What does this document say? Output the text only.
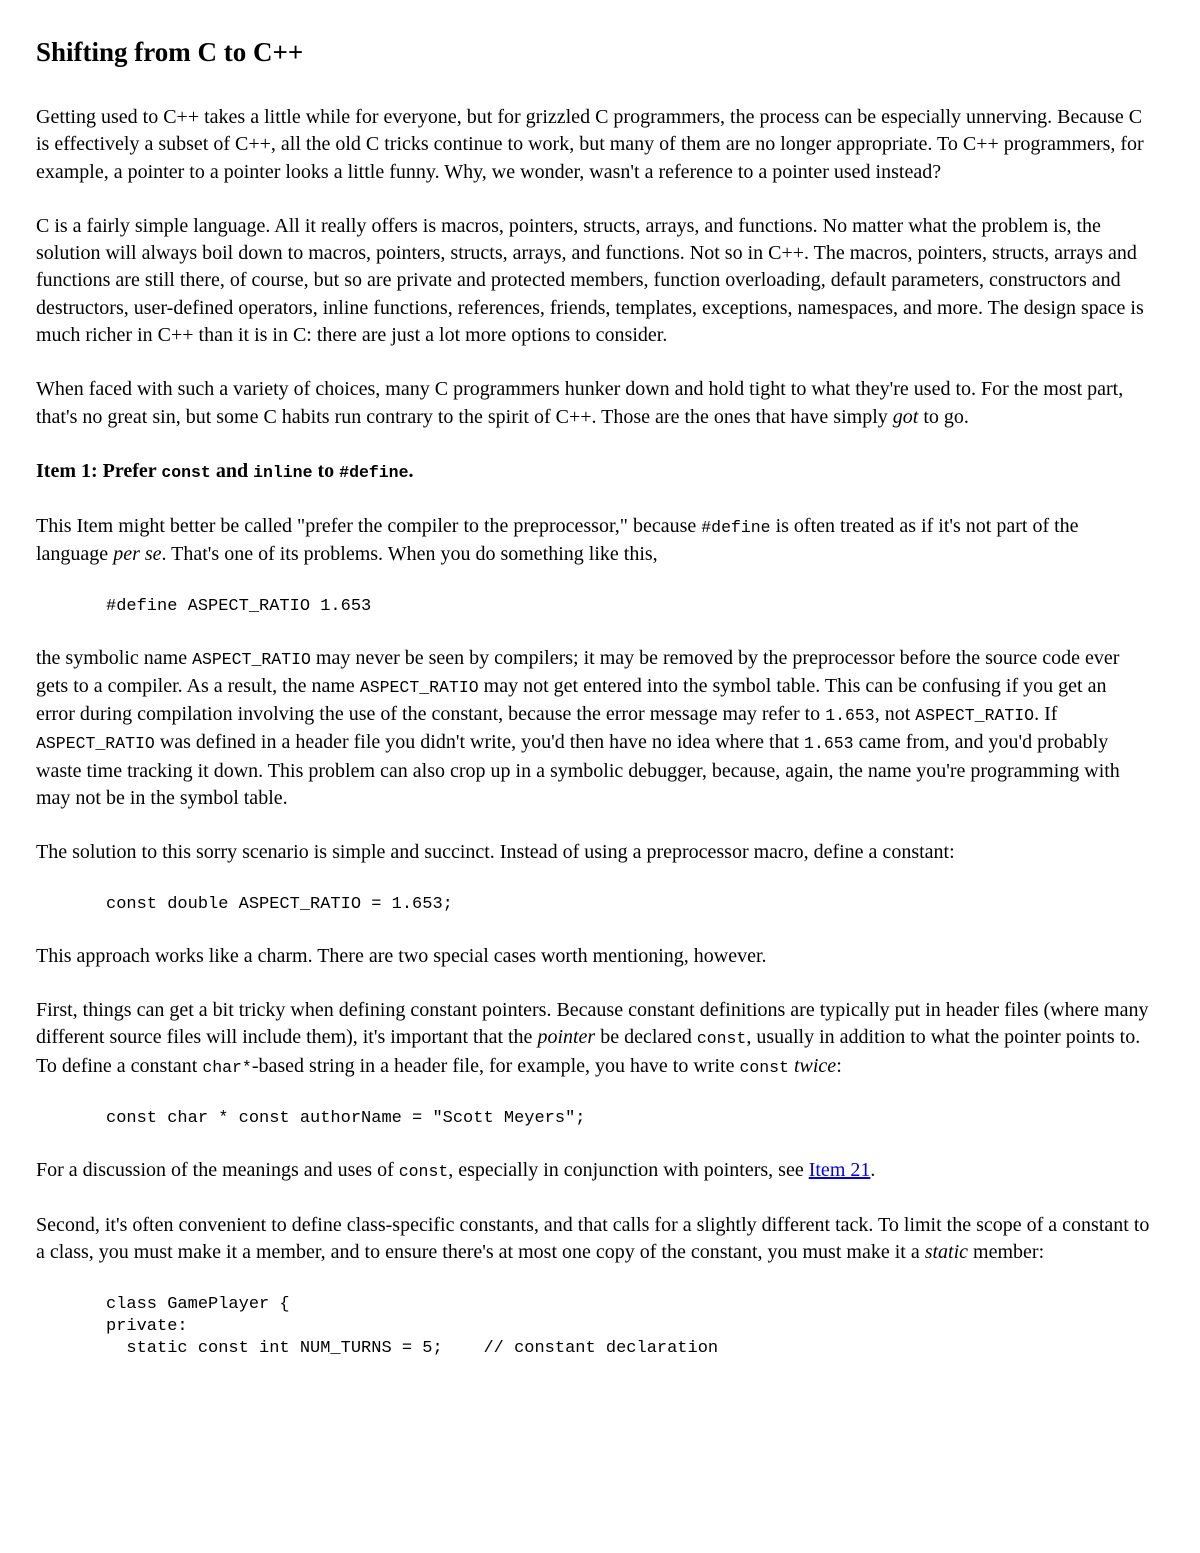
Shifting from C to C++

Getting used to C++ takes a little while for everyone, but for grizzled C programmers, the process can be especially unnerving. Because C is effectively a subset of C++, all the old C tricks continue to work, but many of them are no longer appropriate. To C++ programmers, for example, a pointer to a pointer looks a little funny. Why, we wonder, wasn't a reference to a pointer used instead?

C is a fairly simple language. All it really offers is macros, pointers, structs, arrays, and functions. No matter what the problem is, the solution will always boil down to macros, pointers, structs, arrays, and functions. Not so in C++. The macros, pointers, structs, arrays and functions are still there, of course, but so are private and protected members, function overloading, default parameters, constructors and destructors, user-defined operators, inline functions, references, friends, templates, exceptions, namespaces, and more. The design space is much richer in C++ than it is in C: there are just a lot more options to consider.

When faced with such a variety of choices, many C programmers hunker down and hold tight to what they're used to. For the most part, that's no great sin, but some C habits run contrary to the spirit of C++. Those are the ones that have simply got to go.

Item 1: Prefer const and inline to #define.

This Item might better be called "prefer the compiler to the preprocessor," because #define is often treated as if it's not part of the language per se. That's one of its problems. When you do something like this,

#define ASPECT_RATIO 1.653

the symbolic name ASPECT_RATIO may never be seen by compilers; it may be removed by the preprocessor before the source code ever gets to a compiler. As a result, the name ASPECT_RATIO may not get entered into the symbol table. This can be confusing if you get an error during compilation involving the use of the constant, because the error message may refer to 1.653, not ASPECT_RATIO. If ASPECT_RATIO was defined in a header file you didn't write, you'd then have no idea where that 1.653 came from, and you'd probably waste time tracking it down. This problem can also crop up in a symbolic debugger, because, again, the name you're programming with may not be in the symbol table.

The solution to this sorry scenario is simple and succinct. Instead of using a preprocessor macro, define a constant:

const double ASPECT_RATIO = 1.653;

This approach works like a charm. There are two special cases worth mentioning, however.

First, things can get a bit tricky when defining constant pointers. Because constant definitions are typically put in header files (where many different source files will include them), it's important that the pointer be declared const, usually in addition to what the pointer points to. To define a constant char*-based string in a header file, for example, you have to write const twice:

const char * const authorName = "Scott Meyers";

For a discussion of the meanings and uses of const, especially in conjunction with pointers, see Item 21.

Second, it's often convenient to define class-specific constants, and that calls for a slightly different tack. To limit the scope of a constant to a class, you must make it a member, and to ensure there's at most one copy of the constant, you must make it a static member:

class GamePlayer {
private:
static const int NUM_TURNS = 5;    // constant declaration
